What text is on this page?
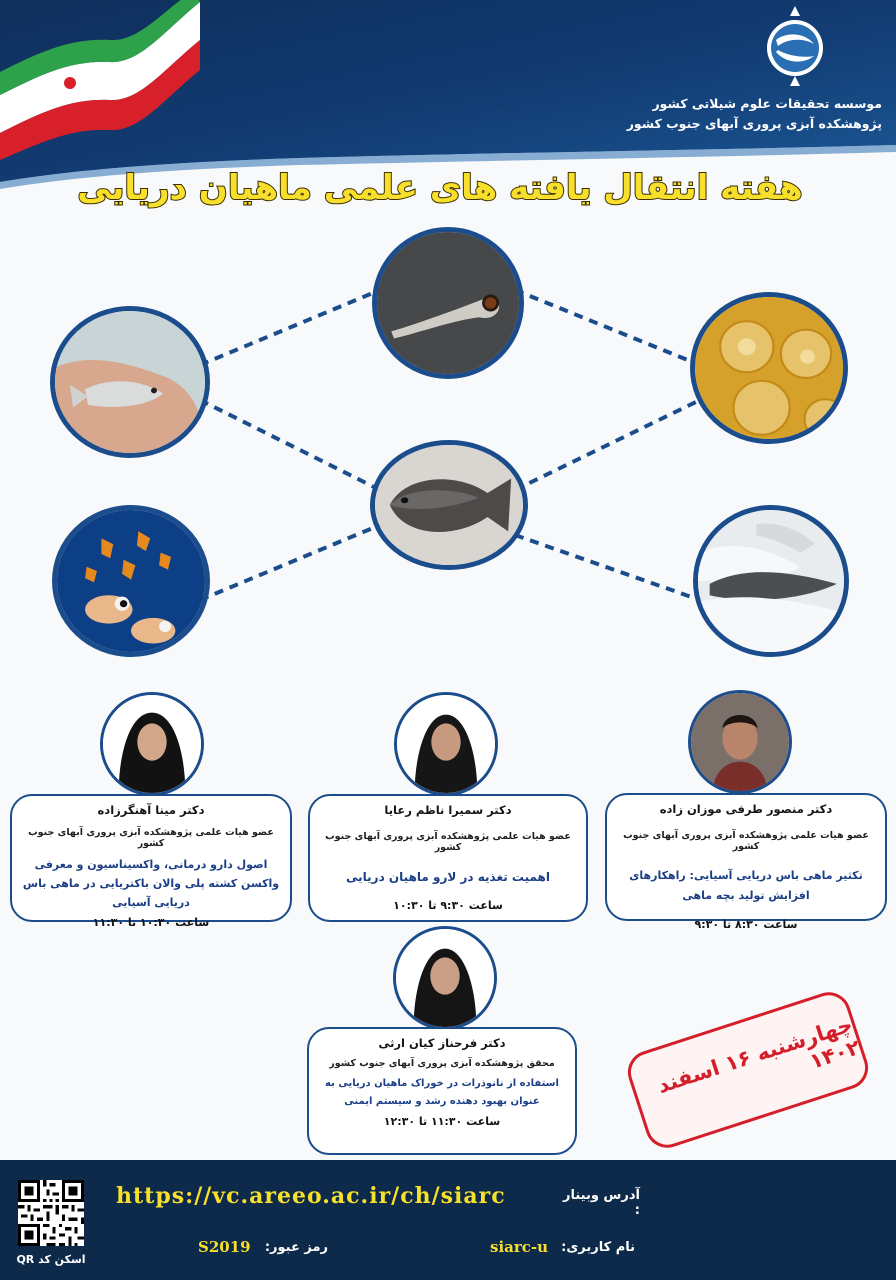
موسسه تحقیقات علوم شیلاتی کشور
پژوهشکده آبزی پروری آبهای جنوب کشور
هفته انتقال یافته های علمی ماهیان دریایی
دکتر منصور طرفی موزان زاده
عضو هیات علمی پژوهشکده آبزی پروری آبهای جنوب کشور
تکثیر ماهی باس دریایی آسیایی: راهکارهای افزایش تولید بچه ماهی
ساعت ۸:۳۰ تا ۹:۳۰
دکتر سمیرا ناظم رعایا
عضو هیات علمی پژوهشکده آبزی پروری آبهای جنوب کشور
اهمیت تغذیه در لارو ماهیان دریایی
ساعت ۹:۳۰ تا ۱۰:۳۰
دکتر مینا آهنگرزاده
عضو هیات علمی پژوهشکده آبزی پروری آبهای جنوب کشور
اصول دارو درمانی، واکسیناسیون و معرفی واکسن کشته پلی والان باکتریایی در ماهی باس دریایی آسیایی
ساعت ۱۰:۳۰ تا ۱۱:۳۰
دکتر فرحناز کیان ارثی
محقق پژوهشکده آبزی پروری آبهای جنوب کشور
استفاده از نانوذرات در خوراک ماهیان دریایی به عنوان بهبود دهنده رشد و سیستم ایمنی
ساعت ۱۱:۳۰ تا ۱۲:۳۰
چهارشنبه ۱۶ اسفند ۱۴۰۲
اسکن کد QR
https://vc.areeo.ac.ir/ch/siarc	آدرس وبینار :
نام کاربری:
siarc-u
رمز عبور:
S2019
